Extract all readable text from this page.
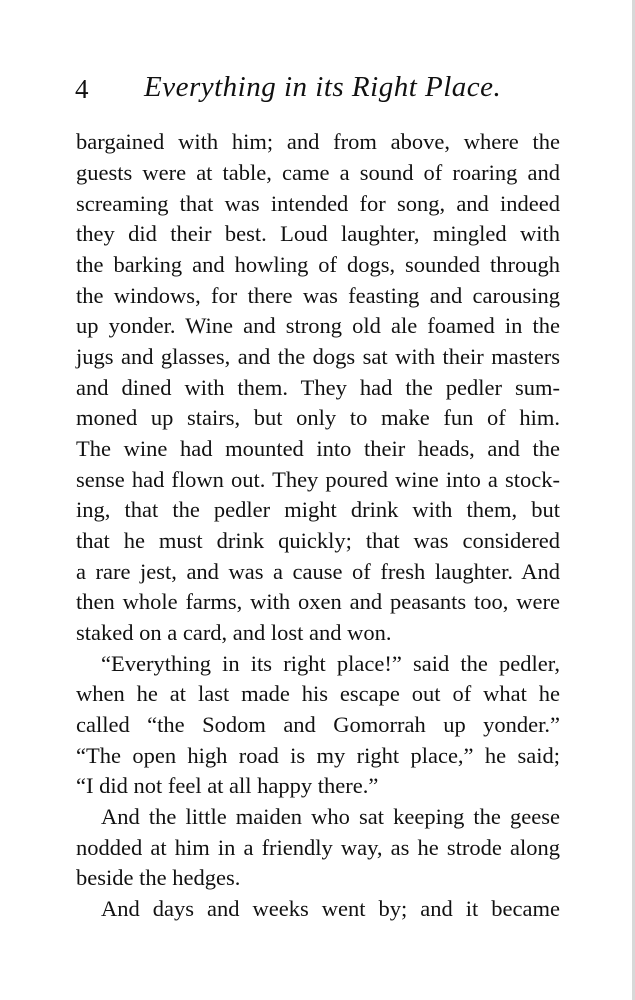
4 Everything in its Right Place.
bargained with him; and from above, where the
guests were at table, came a sound of roaring and
screaming that was intended for song, and indeed
they did their best. Loud laughter, mingled with
the barking and howling of dogs, sounded through
the windows, for there was feasting and carousing
up yonder. Wine and strong old ale foamed in the
jugs and glasses, and the dogs sat with their masters
and dined with them. They had the pedler sum-
moned up stairs, but only to make fun of him.
The wine had mounted into their heads, and the
sense had flown out. They poured wine into a stock-
ing, that the pedler might drink with them, but
that he must drink quickly; that was considered
a rare jest, and was a cause of fresh laughter. And
then whole farms, with oxen and peasants too, were
staked on a card, and lost and won.
“Everything in its right place!” said the pedler,
when he at last made his escape out of what he
called “the Sodom and Gomorrah up yonder.”
“The open high road is my right place,” he said;
“I did not feel at all happy there.”
And the little maiden who sat keeping the geese
nodded at him in a friendly way, as he strode along
beside the hedges.
And days and weeks went by; and it became
